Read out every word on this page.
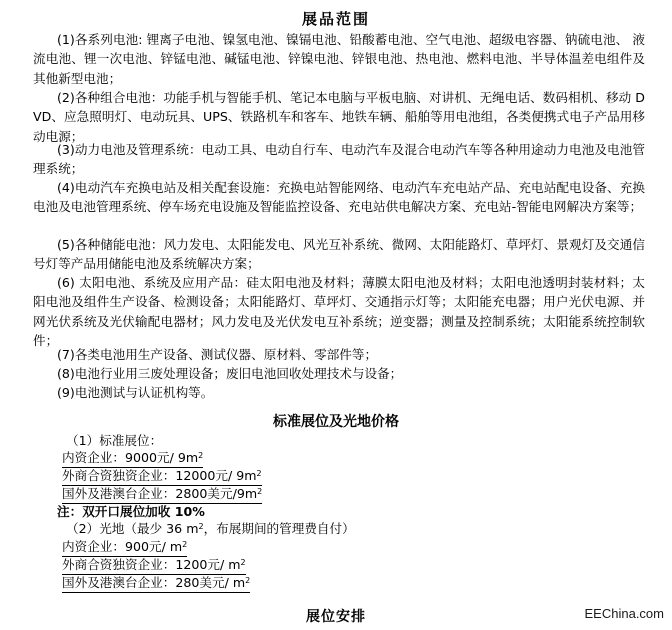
展品范围
(1)各系列电池: 锂离子电池、镍氢电池、镍镉电池、铅酸蓄电池、空气电池、超级电容器、钠硫电池、 液流电池、锂一次电池、锌锰电池、碱锰电池、锌镍电池、锌银电池、热电池、燃料电池、半导体温差电组件及其他新型电池；
(2)各种组合电池：功能手机与智能手机、笔记本电脑与平板电脑、对讲机、无绳电话、数码相机、移动 DVD、应急照明灯、电动玩具、UPS、铁路机车和客车、地铁车辆、船舶等用电池组，各类便携式电子产品用移动电源；
(3)动力电池及管理系统：电动工具、电动自行车、电动汽车及混合电动汽车等各种用途动力电池及电池管理系统；
(4)电动汽车充换电站及相关配套设施：充换电站智能网络、电动汽车充电站产品、充电站配电设备、充换电池及电池管理系统、停车场充电设施及智能监控设备、充电站供电解决方案、充电站-智能电网解决方案等；
(5)各种储能电池：风力发电、太阳能发电、风光互补系统、微网、太阳能路灯、草坪灯、景观灯及交通信号灯等产品用储能电池及系统解决方案；
(6) 太阳电池、系统及应用产品：硅太阳电池及材料；薄膜太阳电池及材料；太阳电池透明封装材料；太阳电池及组件生产设备、检测设备；太阳能路灯、草坪灯、交通指示灯等；太阳能充电器；用户光伏电源、并网光伏系统及光伏输配电器材；风力发电及光伏发电互补系统；逆变器；测量及控制系统；太阳能系统控制软件；
(7)各类电池用生产设备、测试仪器、原材料、零部件等；
(8)电池行业用三废处理设备；废旧电池回收处理技术与设备；
(9)电池测试与认证机构等。
标准展位及光地价格
（1）标准展位：
内资企业：9000元/ $9m^2$
外商合资独资企业：12000元/ $9m^2$
国外及港澳台企业：2800美元$/9m^2$
注：双开口展位加收 10%
（2）光地（最少 36 $m^2$，布展期间的管理费自付）
内资企业：900元/ $m^2$
外商合资独资企业：1200元/ $m^2$
国外及港澳台企业：280美元/ $m^2$
展位安排	EEChina.com
